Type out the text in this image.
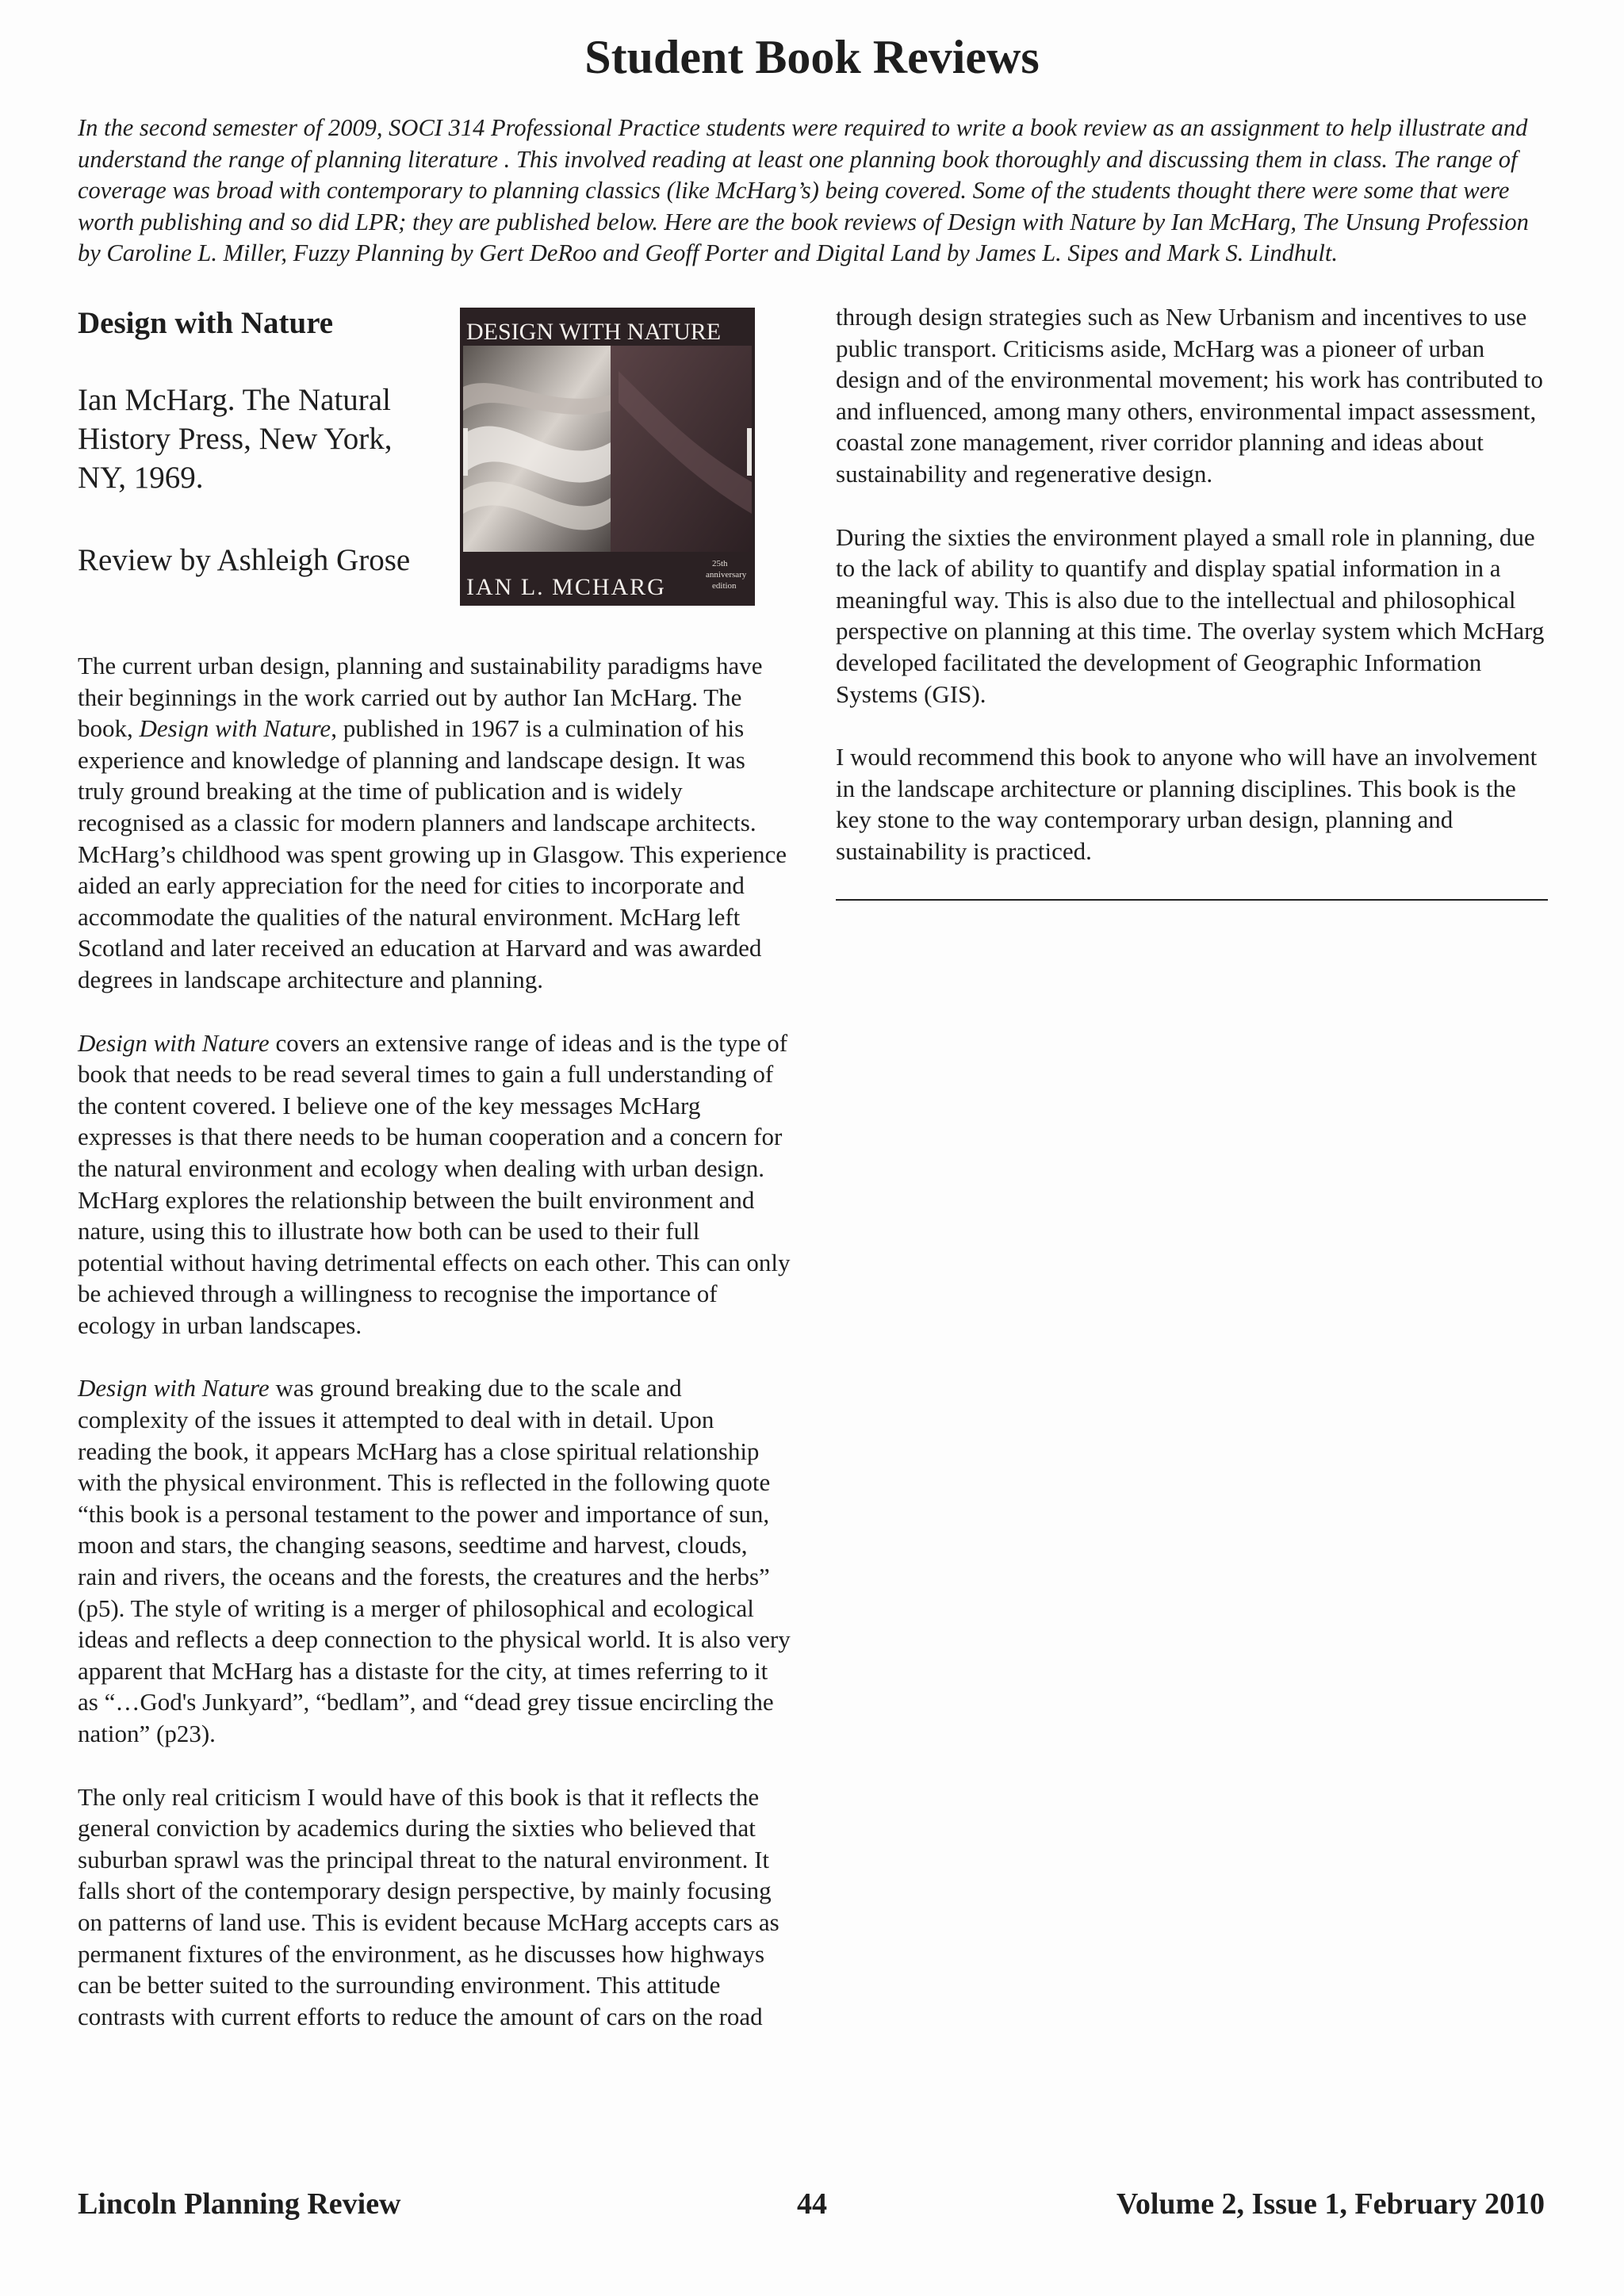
Student Book Reviews

In the second semester of 2009, SOCI 314 Professional Practice students were required to write a book review as an assignment to help illustrate and understand the range of planning literature . This involved reading at least one planning book thoroughly and discussing them in class. The range of coverage was broad with contemporary to planning classics (like McHarg’s) being covered. Some of the students thought there were some that were worth publishing and so did LPR; they are published below. Here are the book reviews of Design with Nature by Ian McHarg, The Unsung Profession by Caroline L. Miller, Fuzzy Planning by Gert DeRoo and Geoff Porter and Digital Land by James L. Sipes and Mark S. Lindhult.

Design with Nature

Ian McHarg. The Natural History Press, New York, NY, 1969.

Review by Ashleigh Grose

DESIGN WITH NATURE
IAN L. MCHARG
25th
anniversary
edition

The current urban design, planning and sustainability paradigms have their beginnings in the work carried out by author Ian McHarg. The book, Design with Nature, published in 1967 is a culmination of his experience and knowledge of planning and landscape design. It was truly ground breaking at the time of publication and is widely recognised as a classic for modern planners and landscape architects. McHarg’s childhood was spent growing up in Glasgow. This experience aided an early appreciation for the need for cities to incorporate and accommodate the qualities of the natural environment. McHarg left Scotland and later received an education at Harvard and was awarded degrees in landscape architecture and planning.

Design with Nature covers an extensive range of ideas and is the type of book that needs to be read several times to gain a full understanding of the content covered. I believe one of the key messages McHarg expresses is that there needs to be human cooperation and a concern for the natural environment and ecology when dealing with urban design. McHarg explores the relationship between the built environment and nature, using this to illustrate how both can be used to their full potential without having detrimental effects on each other. This can only be achieved through a willingness to recognise the importance of ecology in urban landscapes.

Design with Nature was ground breaking due to the scale and complexity of the issues it attempted to deal with in detail. Upon reading the book, it appears McHarg has a close spiritual relationship with the physical environment. This is reflected in the following quote “this book is a personal testament to the power and importance of sun, moon and stars, the changing seasons, seedtime and harvest, clouds, rain and rivers, the oceans and the forests, the creatures and the herbs” (p5). The style of writing is a merger of philosophical and ecological ideas and reflects a deep connection to the physical world. It is also very apparent that McHarg has a distaste for the city, at times referring to it as “…God's Junkyard”, “bedlam”, and “dead grey tissue encircling the nation” (p23).

The only real criticism I would have of this book is that it reflects the general conviction by academics during the sixties who believed that suburban sprawl was the principal threat to the natural environment. It falls short of the contemporary design perspective, by mainly focusing on patterns of land use. This is evident because McHarg accepts cars as permanent fixtures of the environment, as he discusses how highways can be better suited to the surrounding environment. This attitude contrasts with current efforts to reduce the amount of cars on the road

through design strategies such as New Urbanism and incentives to use public transport. Criticisms aside, McHarg was a pioneer of urban design and of the environmental movement; his work has contributed to and influenced, among many others, environmental impact assessment, coastal zone management, river corridor planning and ideas about sustainability and regenerative design.

During the sixties the environment played a small role in planning, due to the lack of ability to quantify and display spatial information in a meaningful way. This is also due to the intellectual and philosophical perspective on planning at this time. The overlay system which McHarg developed facilitated the development of Geographic Information Systems (GIS).

I would recommend this book to anyone who will have an involvement in the landscape architecture or planning disciplines. This book is the key stone to the way contemporary urban design, planning and sustainability is practiced.

Lincoln Planning Review	44	Volume 2, Issue 1, February 2010
